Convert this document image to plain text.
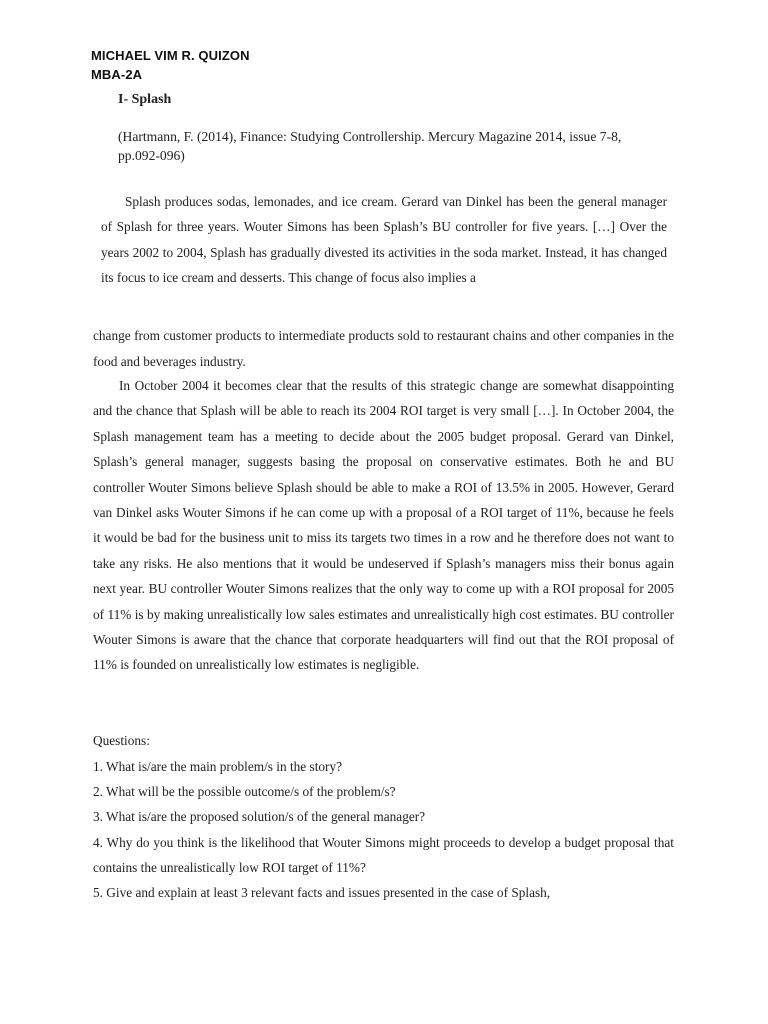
MICHAEL VIM R. QUIZON
MBA-2A
I- Splash
(Hartmann, F. (2014), Finance: Studying Controllership. Mercury Magazine 2014, issue 7-8, pp.092-096)
Splash produces sodas, lemonades, and ice cream. Gerard van Dinkel has been the general manager of Splash for three years. Wouter Simons has been Splash’s BU controller for five years. […] Over the years 2002 to 2004, Splash has gradually divested its activities in the soda market. Instead, it has changed its focus to ice cream and desserts. This change of focus also implies a
change from customer products to intermediate products sold to restaurant chains and other companies in the food and beverages industry.
In October 2004 it becomes clear that the results of this strategic change are somewhat disappointing and the chance that Splash will be able to reach its 2004 ROI target is very small […]. In October 2004, the Splash management team has a meeting to decide about the 2005 budget proposal. Gerard van Dinkel, Splash’s general manager, suggests basing the proposal on conservative estimates. Both he and BU controller Wouter Simons believe Splash should be able to make a ROI of 13.5% in 2005. However, Gerard van Dinkel asks Wouter Simons if he can come up with a proposal of a ROI target of 11%, because he feels it would be bad for the business unit to miss its targets two times in a row and he therefore does not want to take any risks. He also mentions that it would be undeserved if Splash’s managers miss their bonus again next year. BU controller Wouter Simons realizes that the only way to come up with a ROI proposal for 2005 of 11% is by making unrealistically low sales estimates and unrealistically high cost estimates. BU controller Wouter Simons is aware that the chance that corporate headquarters will find out that the ROI proposal of 11% is founded on unrealistically low estimates is negligible.
Questions:
1. What is/are the main problem/s in the story?
2. What will be the possible outcome/s of the problem/s?
3. What is/are the proposed solution/s of the general manager?
4. Why do you think is the likelihood that Wouter Simons might proceeds to develop a budget proposal that contains the unrealistically low ROI target of 11%?
5. Give and explain at least 3 relevant facts and issues presented in the case of Splash,
